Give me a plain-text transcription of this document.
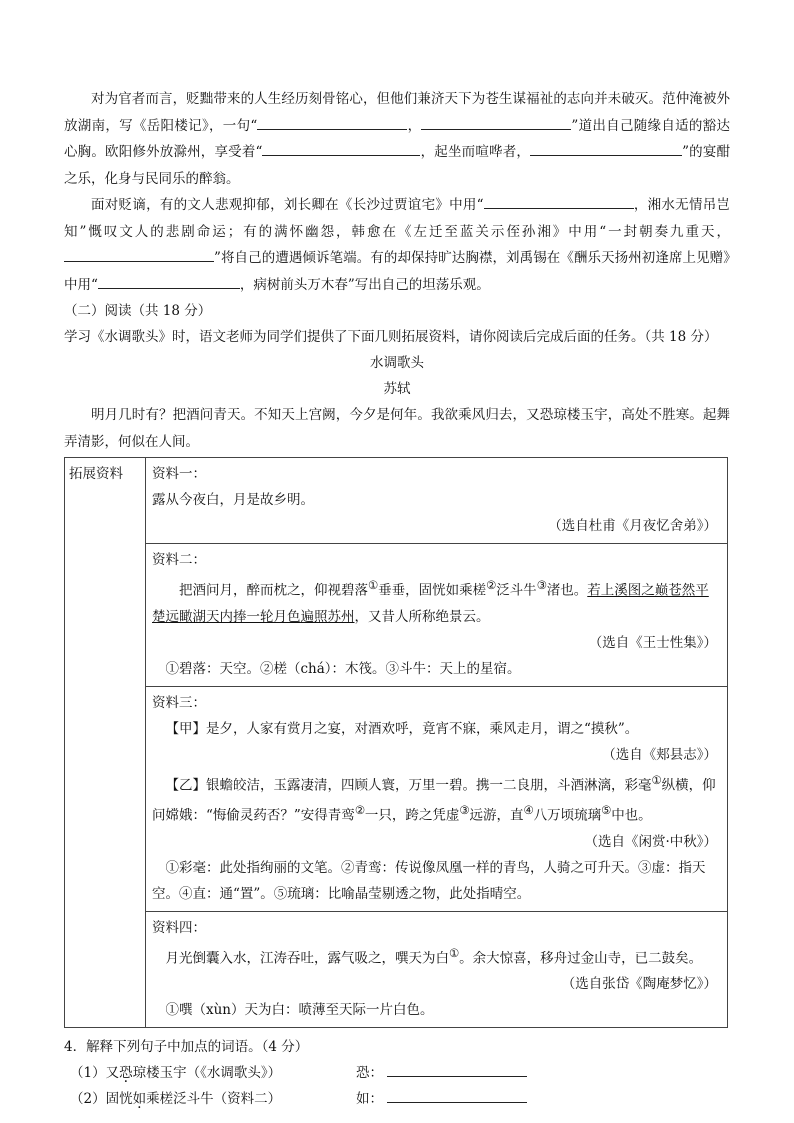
对为官者而言，贬黜带来的人生经历刻骨铭心，但他们兼济天下为苍生谋福祉的志向并未破灭。范仲淹被外放湖南，写《岳阳楼记》，一句“	，	”道出自己随缘自适的豁达心胸。欧阳修外放滁州，享受着“	，起坐而喧哗者，	”的宴酣之乐，化身与民同乐的醉翁。

面对贬谪，有的文人悲观抑郁，刘长卿在《长沙过贾谊宅》中用“	，湘水无情吊岂知”慨叹文人的悲剧命运；有的满怀幽怨，韩愈在《左迁至蓝关示侄孙湘》中用“一封朝奏九重天，”将自己的遭遇倾诉笔端。有的却保持旷达胸襟，刘禹锡在《酬乐天扬州初逢席上见赠》中用“	，病树前头万木春”写出自己的坦荡乐观。

（二）阅读（共 18 分）

学习《水调歌头》时，语文老师为同学们提供了下面几则拓展资料，请你阅读后完成后面的任务。（共 18 分）

水调歌头

苏轼

明月几时有？把酒问青天。不知天上宫阙，今夕是何年。我欲乘风归去，又恐琼楼玉宇，高处不胜寒。起舞弄清影，何似在人间。

拓展资料	资料一：

露从今夜白，月是故乡明。

（选自杜甫《月夜忆舍弟》）

资料二：

把酒问月，醉而枕之，仰视碧落①垂垂，固恍如乘槎②泛斗牛③渚也。若上溪图之巅苍然平楚远瞰湖天内捧一轮月色遍照苏州，又昔人所称绝景云。

（选自《王士性集》）

①碧落：天空。②槎（chá）：木筏。③斗牛：天上的星宿。

资料三：

【甲】是夕，人家有赏月之宴，对酒欢呼，竟宵不寐，乘风走月，谓之“摸秋”。

（选自《郏县志》）

【乙】银蟾皎洁，玉露凄清，四顾人寰，万里一碧。携一二良朋，斗酒淋漓，彩毫①纵横，仰问嫦娥：“悔偷灵药否？”安得青鸾②一只，跨之凭虚③远游，直④八万顷琉璃⑤中也。

（选自《闲赏·中秋》）

①彩毫：此处指绚丽的文笔。②青鸾：传说像凤凰一样的青鸟，人骑之可升天。③虚：指天空。④直：通“置”。⑤琉璃：比喻晶莹剔透之物，此处指晴空。

资料四：

月光倒囊入水，江涛吞吐，露气吸之，噀天为白①。余大惊喜，移舟过金山寺，已二鼓矣。

（选自张岱《陶庵梦忆》）

①噀（xùn）天为白：喷薄至天际一片白色。

4．解释下列句子中加点的词语。（4 分）

（1）又恐琼楼玉宇（《水调歌头》）	恐：
（2）固恍如乘槎泛斗牛（资料二）	如：
